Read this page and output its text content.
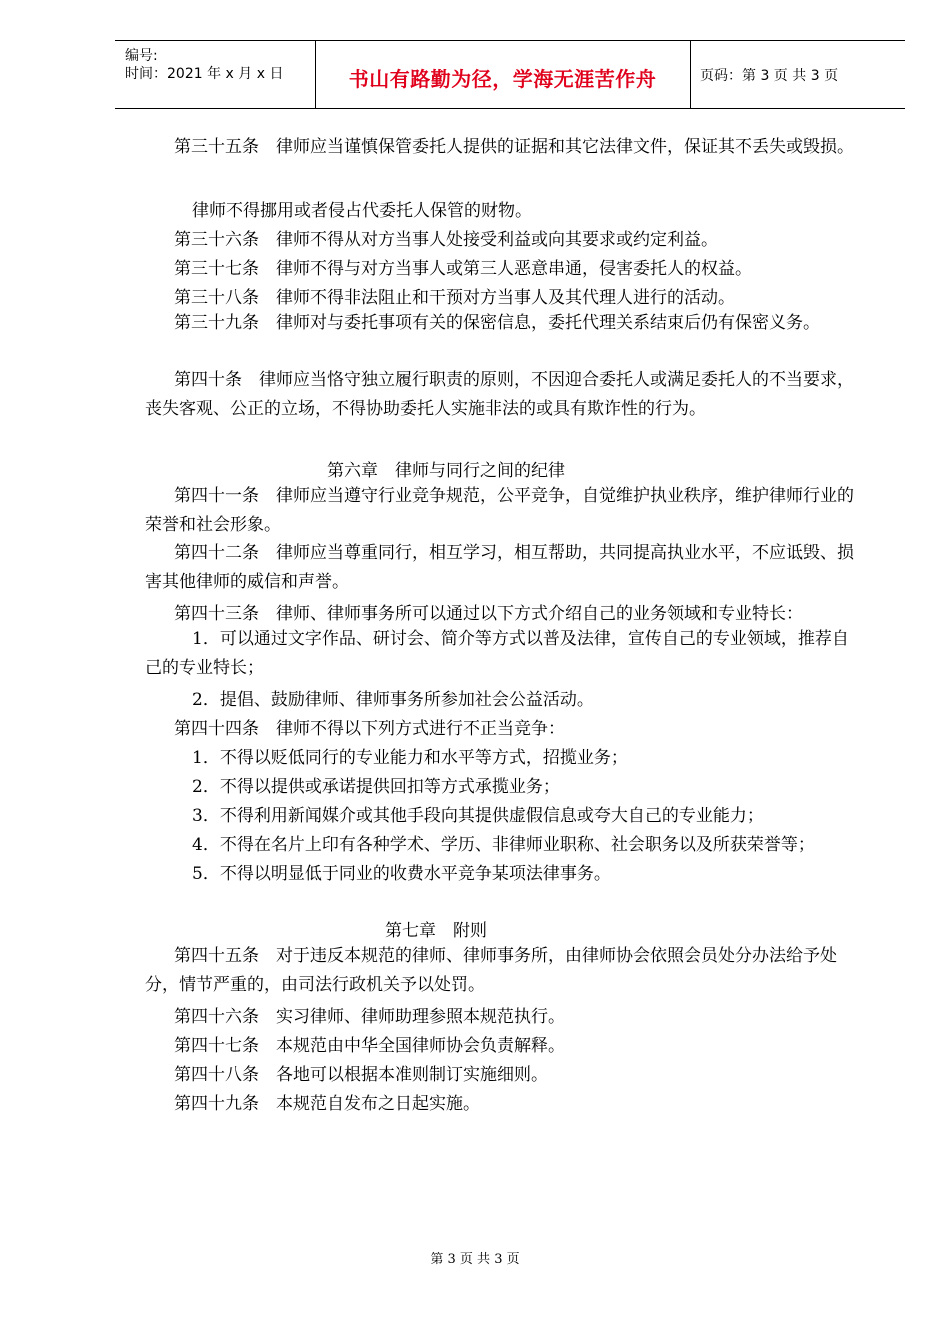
编号:
时间：2021 年 x 月 x 日	书山有路勤为径，学海无涯苦作舟	页码：第 3 页 共 3 页
第三十五条　律师应当谨慎保管委托人提供的证据和其它法律文件，保证其不丢失或毁损。
律师不得挪用或者侵占代委托人保管的财物。
第三十六条　律师不得从对方当事人处接受利益或向其要求或约定利益。
第三十七条　律师不得与对方当事人或第三人恶意串通，侵害委托人的权益。
第三十八条　律师不得非法阻止和干预对方当事人及其代理人进行的活动。
第三十九条　律师对与委托事项有关的保密信息，委托代理关系结束后仍有保密义务。
第四十条　律师应当恪守独立履行职责的原则，不因迎合委托人或满足委托人的不当要求，丧失客观、公正的立场，不得协助委托人实施非法的或具有欺诈性的行为。
第六章　律师与同行之间的纪律
第四十一条　律师应当遵守行业竞争规范，公平竞争，自觉维护执业秩序，维护律师行业的荣誉和社会形象。
第四十二条　律师应当尊重同行，相互学习，相互帮助，共同提高执业水平，不应诋毁、损害其他律师的威信和声誉。
第四十三条　律师、律师事务所可以通过以下方式介绍自己的业务领域和专业特长：
1．可以通过文字作品、研讨会、简介等方式以普及法律，宣传自己的专业领域，推荐自己的专业特长；
2．提倡、鼓励律师、律师事务所参加社会公益活动。
第四十四条　律师不得以下列方式进行不正当竞争：
1．不得以贬低同行的专业能力和水平等方式，招揽业务；
2．不得以提供或承诺提供回扣等方式承揽业务；
3．不得利用新闻媒介或其他手段向其提供虚假信息或夸大自己的专业能力；
4．不得在名片上印有各种学术、学历、非律师业职称、社会职务以及所获荣誉等；
5．不得以明显低于同业的收费水平竞争某项法律事务。
第七章　附则
第四十五条　对于违反本规范的律师、律师事务所，由律师协会依照会员处分办法给予处分，情节严重的，由司法行政机关予以处罚。
第四十六条　实习律师、律师助理参照本规范执行。
第四十七条　本规范由中华全国律师协会负责解释。
第四十八条　各地可以根据本准则制订实施细则。
第四十九条　本规范自发布之日起实施。
第 3 页 共 3 页
